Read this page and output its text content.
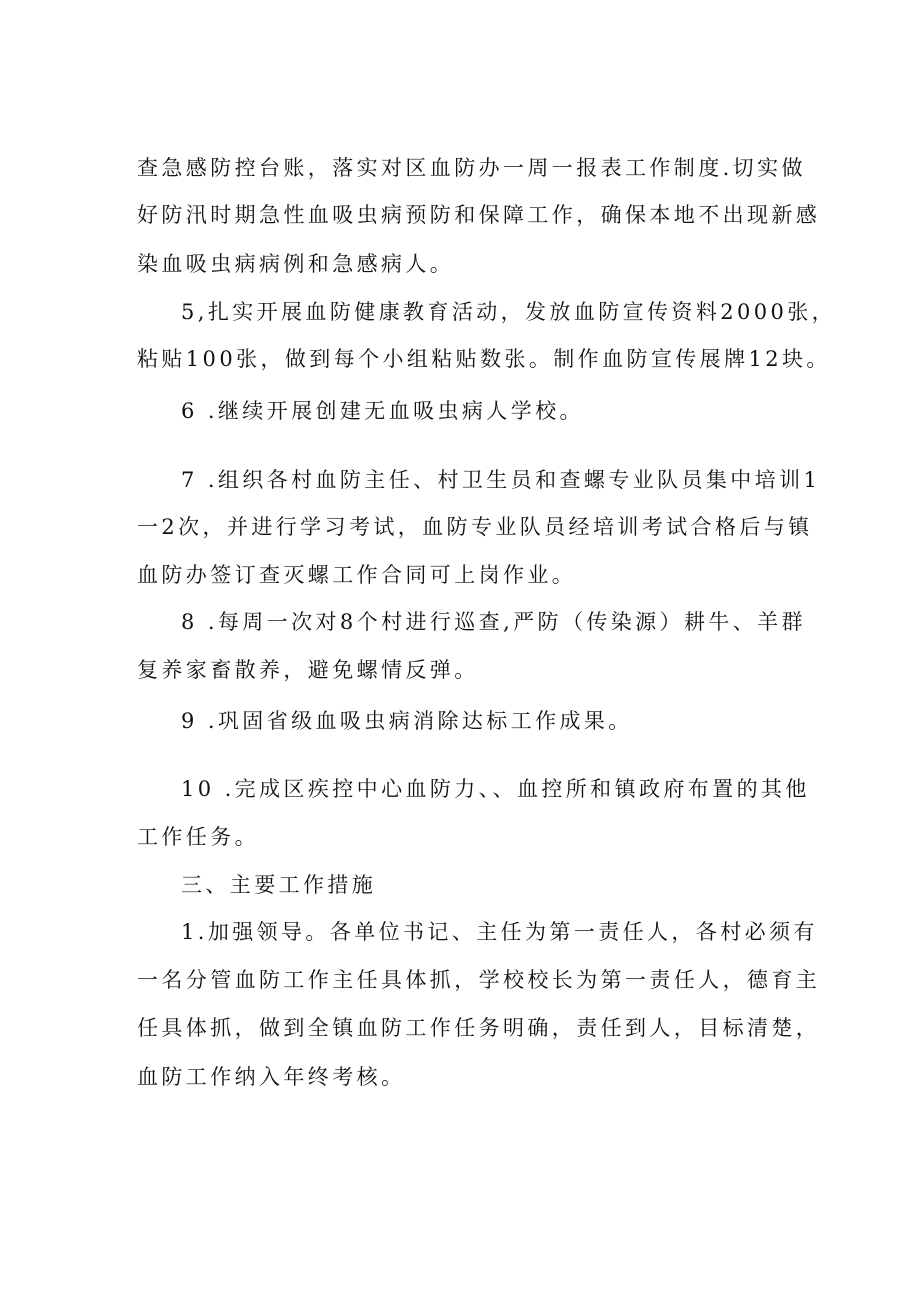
查急感防控台账，落实对区血防办一周一报表工作制度.切实做
好防汛时期急性血吸虫病预防和保障工作，确保本地不出现新感
染血吸虫病病例和急感病人。
5,扎实开展血防健康教育活动，发放血防宣传资料2000张，
粘贴100张，做到每个小组粘贴数张。制作血防宣传展牌12块。
6 .继续开展创建无血吸虫病人学校。
7 .组织各村血防主任、村卫生员和查螺专业队员集中培训1
一2次，并进行学习考试，血防专业队员经培训考试合格后与镇
血防办签订查灭螺工作合同可上岗作业。
8 .每周一次对8个村进行巡查,严防（传染源）耕牛、羊群
复养家畜散养，避免螺情反弹。
9 .巩固省级血吸虫病消除达标工作成果。
10 .完成区疾控中心血防力、、血控所和镇政府布置的其他
工作任务。
三、主要工作措施
1.加强领导。各单位书记、主任为第一责任人，各村必须有
一名分管血防工作主任具体抓，学校校长为第一责任人，德育主
任具体抓，做到全镇血防工作任务明确，责任到人，目标清楚，
血防工作纳入年终考核。
